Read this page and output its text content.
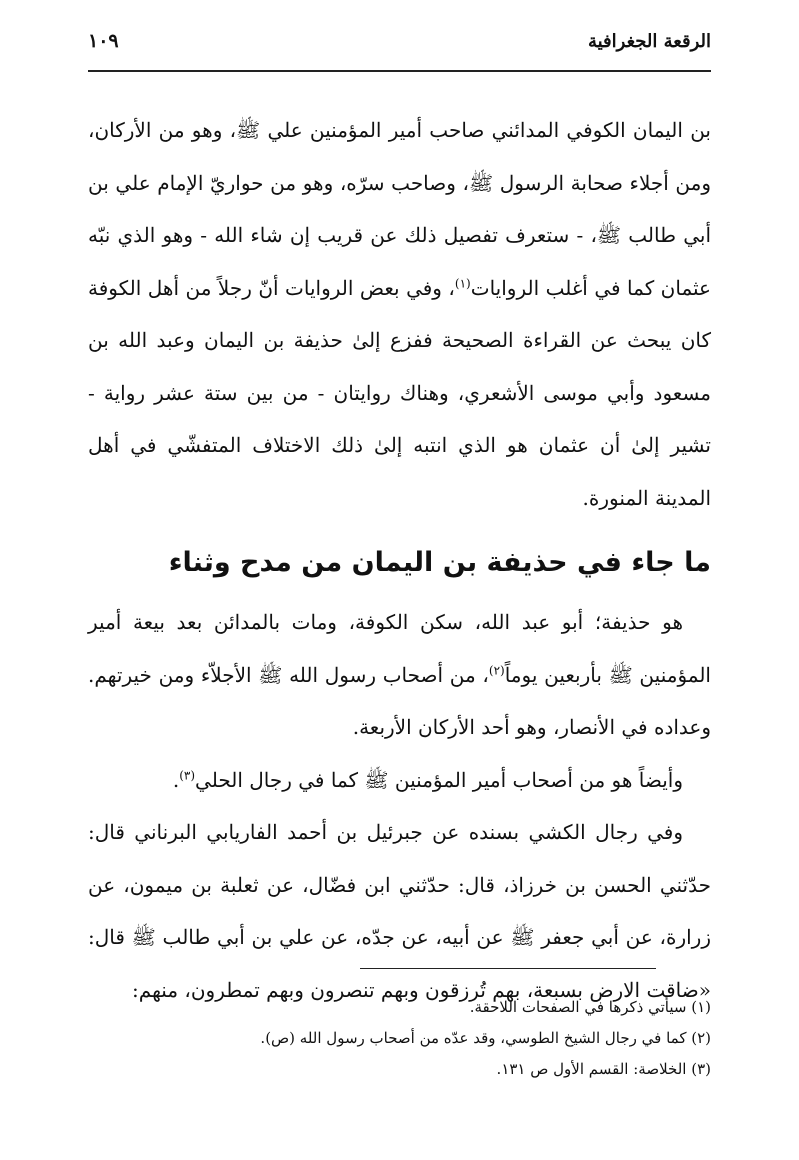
الرقعة الجغرافية
١٠٩

بن اليمان الكوفي المدائني صاحب أمير المؤمنين علي ﷺ، وهو من الأركان، ومن أجلاء صحابة الرسول ﷺ، وصاحب سرّه، وهو من حواريّ الإمام علي بن أبي طالب ﷺ، - ستعرف تفصيل ذلك عن قريب إن شاء الله - وهو الذي نبّه عثمان كما في أغلب الروايات$^{(١)}$، وفي بعض الروايات أنّ رجلاً من أهل الكوفة كان يبحث عن القراءة الصحيحة ففزع إلىٰ حذيفة بن اليمان وعبد الله بن مسعود وأبي موسى الأشعري، وهناك روايتان - من بين ستة عشر رواية - تشير إلىٰ أن عثمان هو الذي انتبه إلىٰ ذلك الاختلاف المتفشّي في أهل المدينة المنورة.

ما جاء في حذيفة بن اليمان من مدح وثناء

هو حذيفة؛ أبو عبد الله، سكن الكوفة، ومات بالمدائن بعد بيعة أمير المؤمنين ﷺ بأربعين يوماً$^{(٢)}$، من أصحاب رسول الله ﷺ الأجلاّء ومن خيرتهم. وعداده في الأنصار، وهو أحد الأركان الأربعة.

وأيضاً هو من أصحاب أمير المؤمنين ﷺ كما في رجال الحلي$^{(٣)}$.

وفي رجال الكشي بسنده عن جبرئيل بن أحمد الفاريابي البرناني قال: حدّثني الحسن بن خرزاذ، قال: حدّثني ابن فضّال، عن ثعلبة بن ميمون، عن زرارة، عن أبي جعفر ﷺ عن أبيه، عن جدّه، عن علي بن أبي طالب ﷺ قال: «ضاقت الارض بسبعة، بهم تُرزقون وبهم تنصرون وبهم تمطرون، منهم:

(١) سيأتي ذكرها في الصفحات اللاحقة.
(٢) كما في رجال الشيخ الطوسي، وقد عدّه من أصحاب رسول الله (ص).
(٣) الخلاصة: القسم الأول ص ١٣١.
